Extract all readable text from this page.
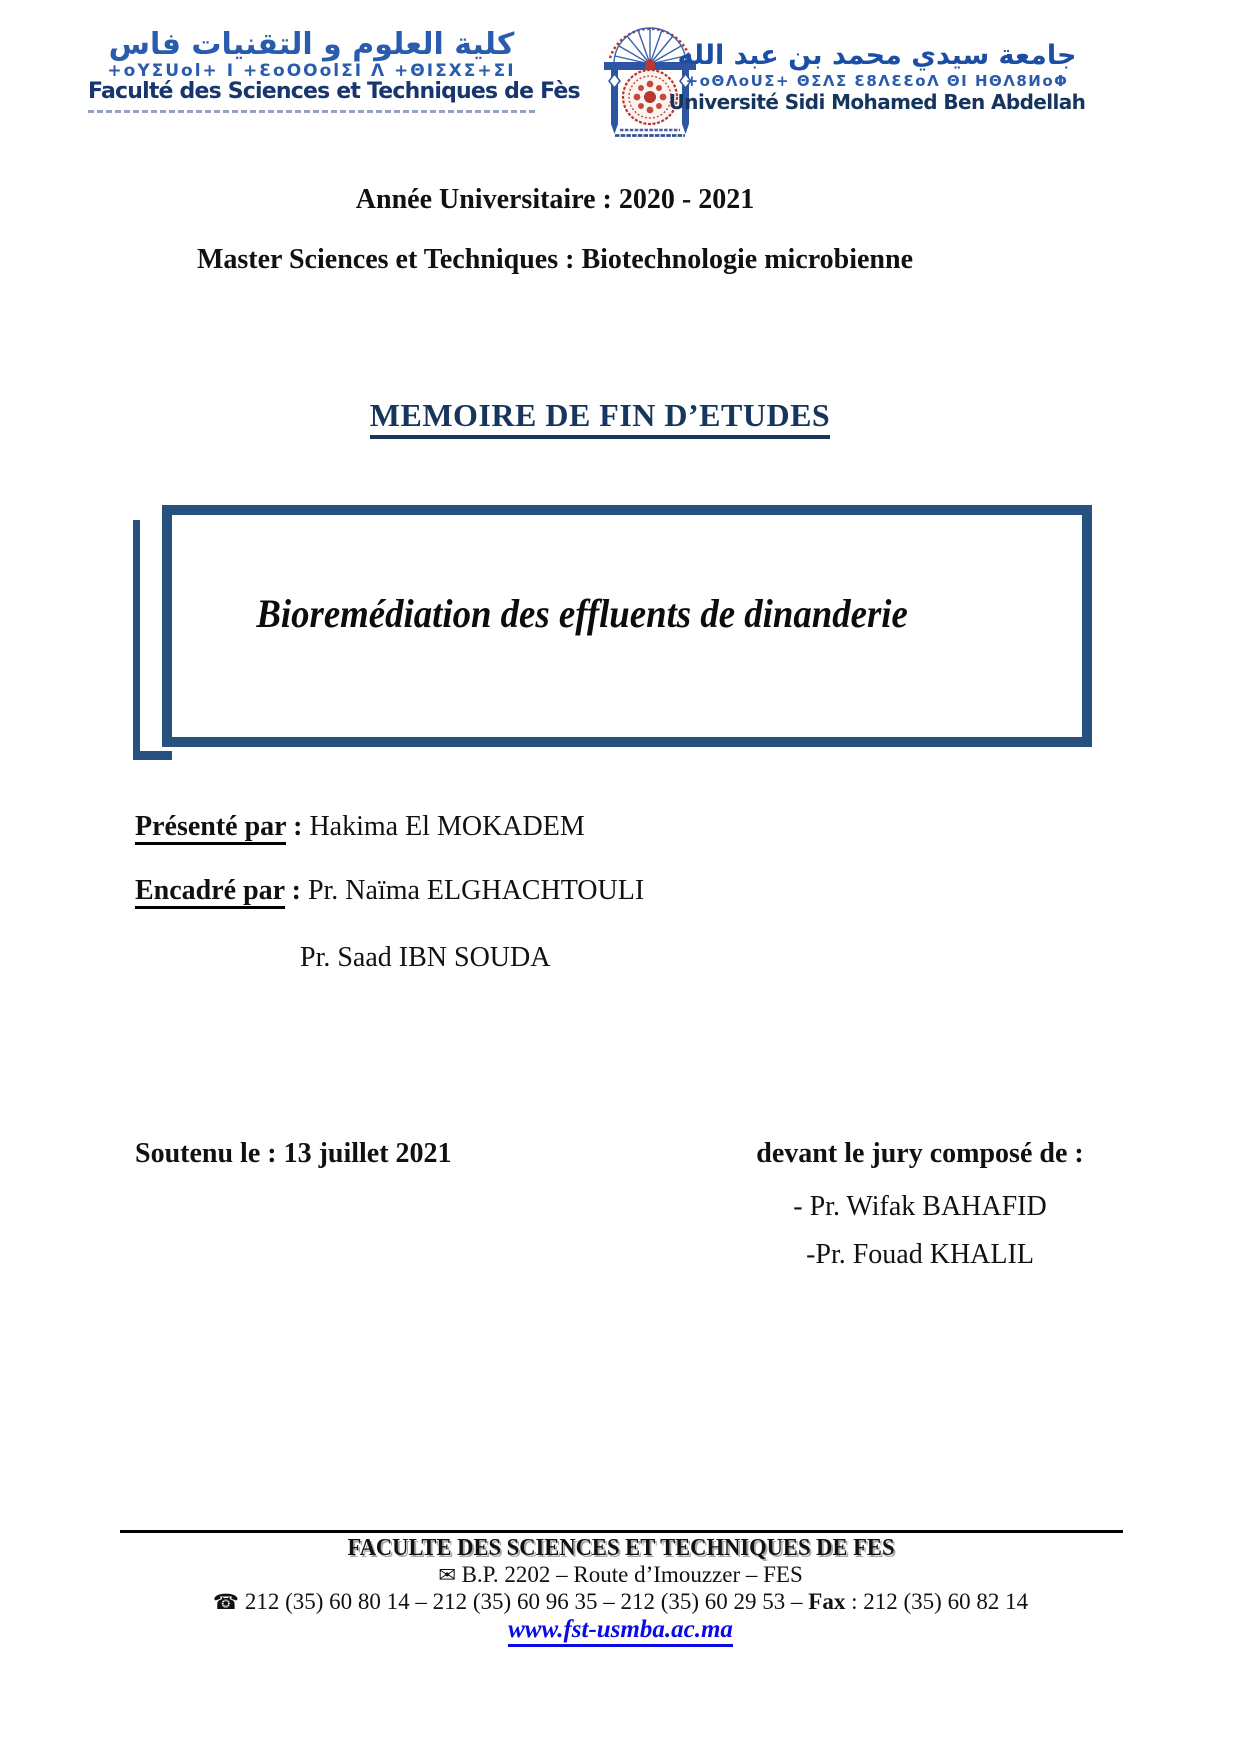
كلية العلوم و التقنيات فاس
+oYΣUol+ I +ƐoOOolΣI Λ +ΘIΣΧΣ+ΣI
Faculté des Sciences et Techniques de Fès
جامعة سيدي محمد بن عبد الله
+oΘΛoUΣ+ ΘΣΛΣ Ɛ8ΛƐƐoΛ ΘI ΗΘΛ8ИoΦ
Université Sidi Mohamed Ben Abdellah
Année Universitaire : 2020 - 2021
Master Sciences et Techniques : Biotechnologie microbienne
MEMOIRE DE FIN D’ETUDES
Bioremédiation des effluents de dinanderie
Présenté par : Hakima El MOKADEM
Encadré par : Pr. Naïma ELGHACHTOULI
Pr. Saad IBN SOUDA
Soutenu le : 13 juillet 2021	devant le jury composé de :
- Pr. Wifak BAHAFID
-Pr. Fouad KHALIL
FACULTE DES SCIENCES ET TECHNIQUES DE FES
✉ B.P. 2202 – Route d’Imouzzer – FES
☎ 212 (35) 60 80 14 – 212 (35) 60 96 35 – 212 (35) 60 29 53 – Fax : 212 (35) 60 82 14
www.fst-usmba.ac.ma
